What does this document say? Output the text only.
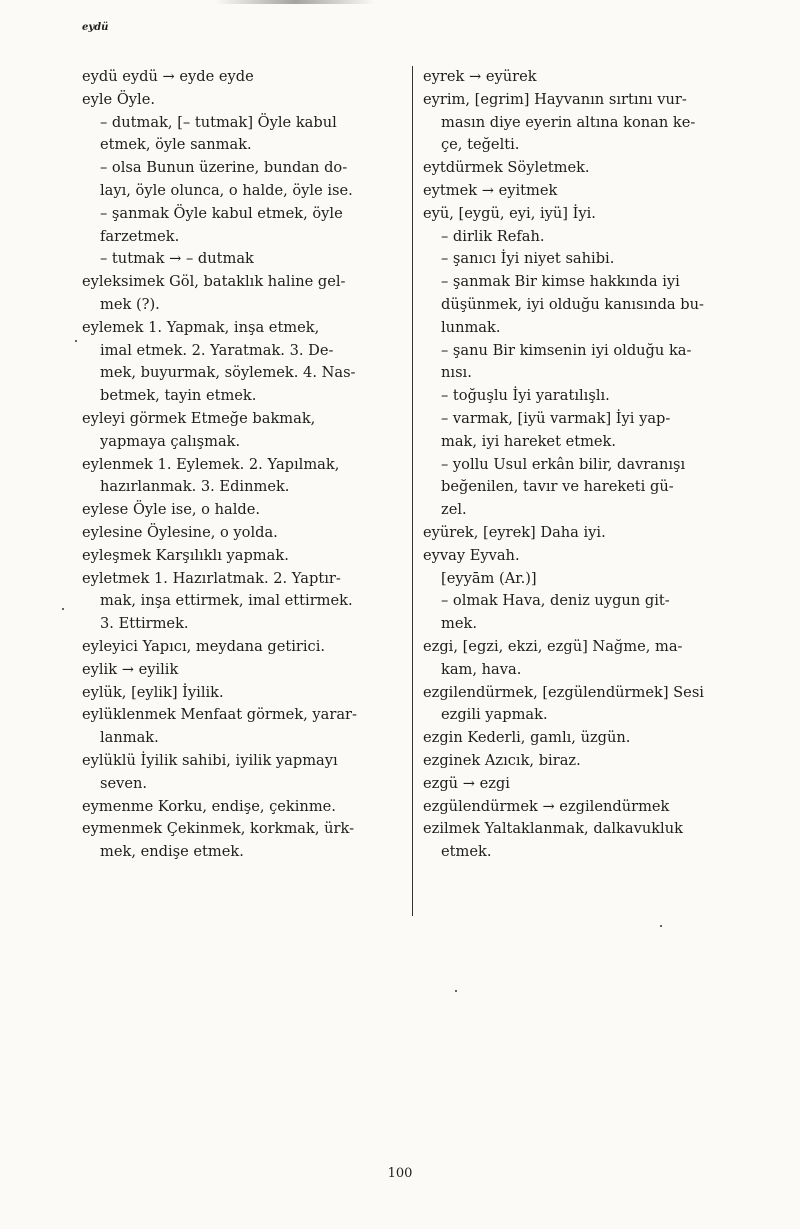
eydü
eydü eydü → eyde eyde
eyle Öyle.
– dutmak, [– tutmak] Öyle kabul
etmek, öyle sanmak.
– olsa Bunun üzerine, bundan do-
layı, öyle olunca, o halde, öyle ise.
– şanmak Öyle kabul etmek, öyle
farzetmek.
– tutmak → – dutmak
eyleksimek Göl, bataklık haline gel-
mek (?).
eylemek 1. Yapmak, inşa etmek,
imal etmek. 2. Yaratmak. 3. De-
mek, buyurmak, söylemek. 4. Nas-
betmek, tayin etmek.
eyleyi görmek Etmeğe bakmak,
yapmaya çalışmak.
eylenmek 1. Eylemek. 2. Yapılmak,
hazırlanmak. 3. Edinmek.
eylese Öyle ise, o halde.
eylesine Öylesine, o yolda.
eyleşmek Karşılıklı yapmak.
eyletmek 1. Hazırlatmak. 2. Yaptır-
mak, inşa ettirmek, imal ettirmek.
3. Ettirmek.
eyleyici Yapıcı, meydana getirici.
eylik → eyilik
eylük, [eylik] İyilik.
eylüklenmek Menfaat görmek, yarar-
lanmak.
eylüklü İyilik sahibi, iyilik yapmayı
seven.
eymenme Korku, endişe, çekinme.
eymenmek Çekinmek, korkmak, ürk-
mek, endişe etmek.
eyrek → eyürek
eyrim, [egrim] Hayvanın sırtını vur-
masın diye eyerin altına konan ke-
çe, teğelti.
eytdürmek Söyletmek.
eytmek → eyitmek
eyü, [eygü, eyi, iyü] İyi.
– dirlik Refah.
– şanıcı İyi niyet sahibi.
– şanmak Bir kimse hakkında iyi
düşünmek, iyi olduğu kanısında bu-
lunmak.
– şanu Bir kimsenin iyi olduğu ka-
nısı.
– toğuşlu İyi yaratılışlı.
– varmak, [iyü varmak] İyi yap-
mak, iyi hareket etmek.
– yollu Usul erkân bilir, davranışı
beğenilen, tavır ve hareketi gü-
zel.
eyürek, [eyrek] Daha iyi.
eyvay Eyvah.
[eyyām (Ar.)]
– olmak Hava, deniz uygun git-
mek.
ezgi, [egzi, ekzi, ezgü] Nağme, ma-
kam, hava.
ezgilendürmek, [ezgülendürmek] Sesi
ezgili yapmak.
ezgin Kederli, gamlı, üzgün.
ezginek Azıcık, biraz.
ezgü → ezgi
ezgülendürmek → ezgilendürmek
ezilmek Yaltaklanmak, dalkavukluk
etmek.
100
